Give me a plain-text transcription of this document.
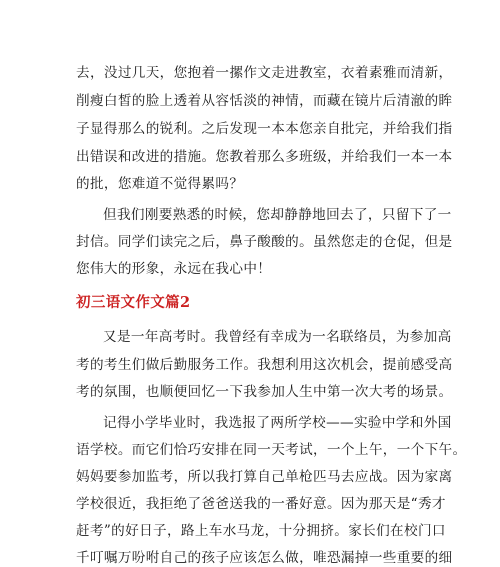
去，没过几天，您抱着一摞作文走进教室，衣着素雅而清新，
削瘦白皙的脸上透着从容恬淡的神情，而藏在镜片后清澈的眸
子显得那么的锐利。之后发现一本本您亲自批完，并给我们指
出错误和改进的措施。您教着那么多班级，并给我们一本一本
的批，您难道不觉得累吗？
但我们刚要熟悉的时候，您却静静地回去了，只留下了一
封信。同学们读完之后，鼻子酸酸的。虽然您走的仓促，但是
您伟大的形象，永远在我心中！
初三语文作文篇2
又是一年高考时。我曾经有幸成为一名联络员，为参加高
考的考生们做后勤服务工作。我想利用这次机会，提前感受高
考的氛围，也顺便回忆一下我参加人生中第一次大考的场景。
记得小学毕业时，我选报了两所学校——实验中学和外国
语学校。而它们恰巧安排在同一天考试，一个上午，一个下午。
妈妈要参加监考，所以我打算自己单枪匹马去应战。因为家离
学校很近，我拒绝了爸爸送我的一番好意。因为那天是“秀才
赶考”的好日子，路上车水马龙，十分拥挤。家长们在校门口
千叮嘱万吩咐自己的孩子应该怎么做，唯恐漏掉一些重要的细
